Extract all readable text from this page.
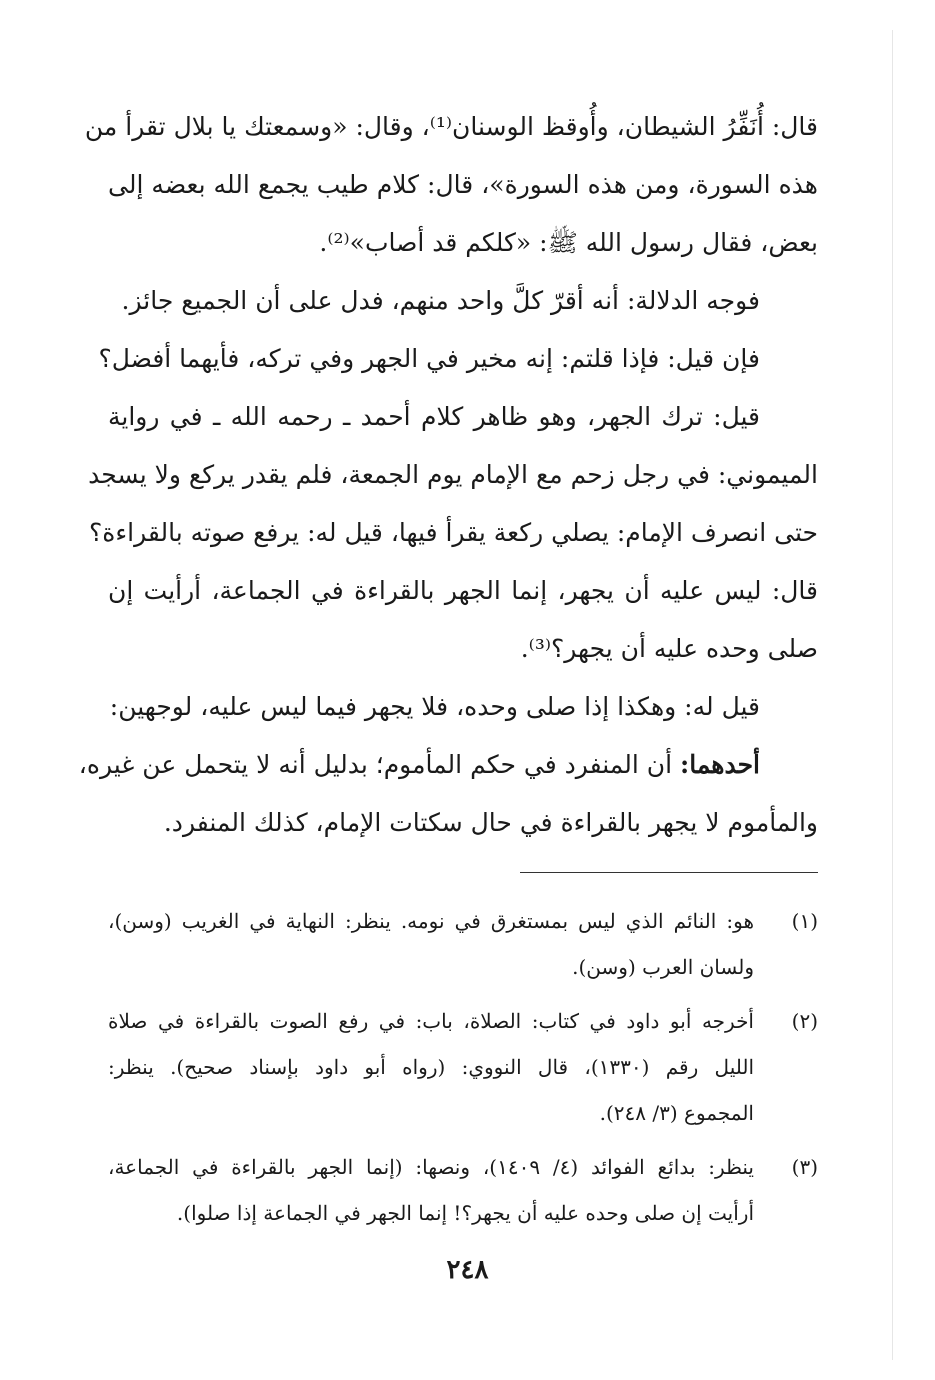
قال: أُنَفِّرُ الشيطان، وأُوقظ الوسنان⁽¹⁾، وقال: «وسمعتك يا بلال تقرأ من
هذه السورة، ومن هذه السورة»، قال: كلام طيب يجمع الله بعضه إلى
بعض، فقال رسول الله ﷺ: «كلكم قد أصاب»⁽²⁾.
فوجه الدلالة: أنه أقرّ كلَّ واحد منهم، فدل على أن الجميع جائز.
فإن قيل: فإذا قلتم: إنه مخير في الجهر وفي تركه، فأيهما أفضل؟
قيل: ترك الجهر، وهو ظاهر كلام أحمد ـ رحمه الله ـ في رواية
الميموني: في رجل زحم مع الإمام يوم الجمعة، فلم يقدر يركع ولا يسجد
حتى انصرف الإمام: يصلي ركعة يقرأ فيها، قيل له: يرفع صوته بالقراءة؟
قال: ليس عليه أن يجهر، إنما الجهر بالقراءة في الجماعة، أرأيت إن
صلى وحده عليه أن يجهر؟⁽³⁾.
قيل له: وهكذا إذا صلى وحده، فلا يجهر فيما ليس عليه، لوجهين:
أحدهما: أن المنفرد في حكم المأموم؛ بدليل أنه لا يتحمل عن غيره،
والمأموم لا يجهر بالقراءة في حال سكتات الإمام، كذلك المنفرد.
(١)
هو: النائم الذي ليس بمستغرق في نومه. ينظر: النهاية في الغريب (وسن)،
ولسان العرب (وسن).
(٢)
أخرجه أبو داود في كتاب: الصلاة، باب: في رفع الصوت بالقراءة في صلاة
الليل رقم (١٣٣٠)، قال النووي: (رواه أبو داود بإسناد صحيح). ينظر:
المجموع (٣/ ٢٤٨).
(٣)
ينظر: بدائع الفوائد (٤/ ١٤٠٩)، ونصها: (إنما الجهر بالقراءة في الجماعة،
أرأيت إن صلى وحده عليه أن يجهر؟! إنما الجهر في الجماعة إذا صلوا).
٢٤٨
